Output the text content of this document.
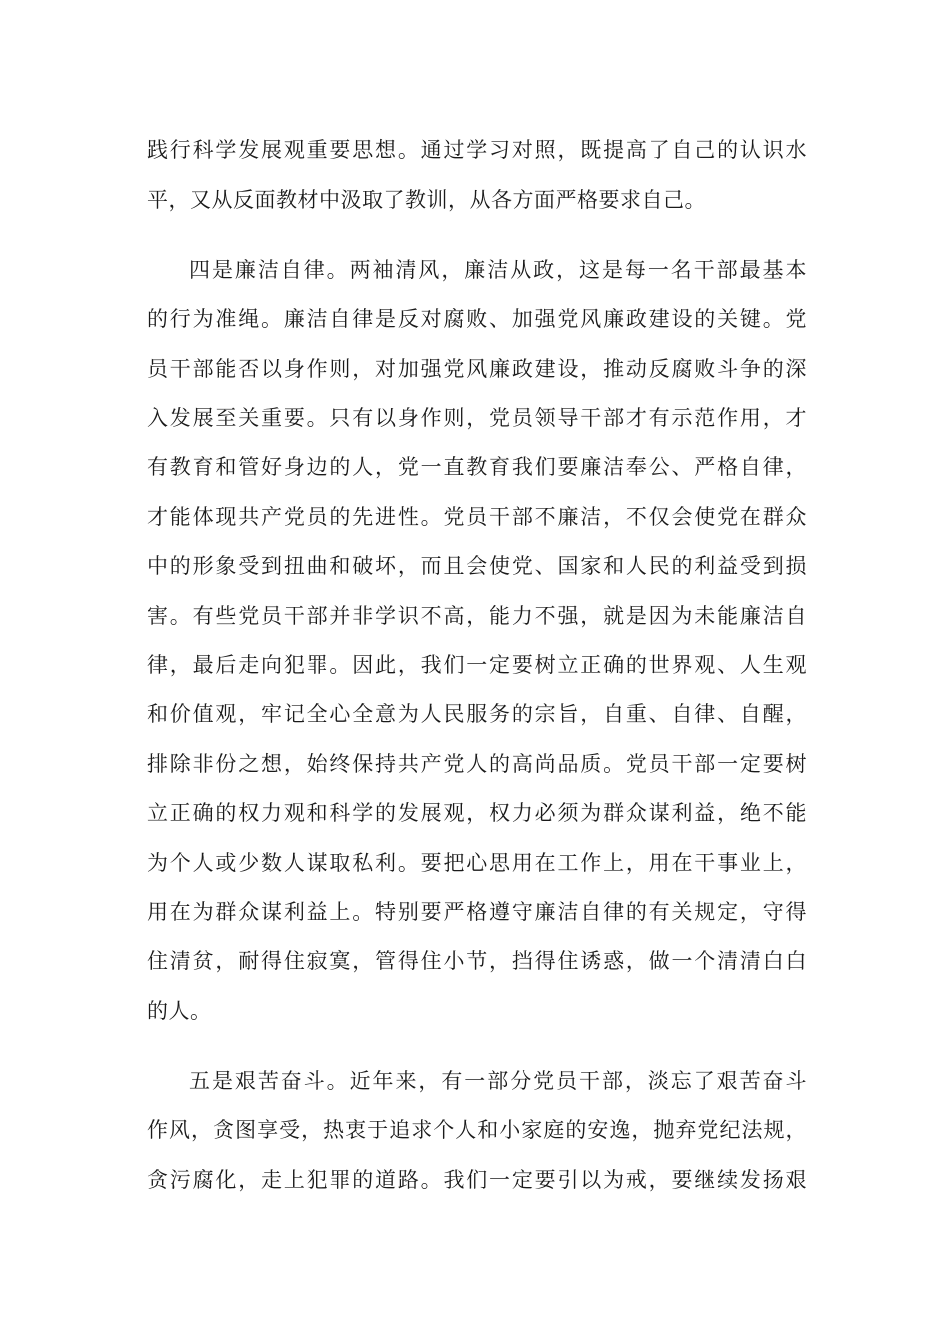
践行科学发展观重要思想。通过学习对照，既提高了自己的认识水
平，又从反面教材中汲取了教训，从各方面严格要求自己。
四是廉洁自律。两袖清风，廉洁从政，这是每一名干部最基本
的行为准绳。廉洁自律是反对腐败、加强党风廉政建设的关键。党
员干部能否以身作则，对加强党风廉政建设，推动反腐败斗争的深
入发展至关重要。只有以身作则，党员领导干部才有示范作用，才
有教育和管好身边的人，党一直教育我们要廉洁奉公、严格自律，
才能体现共产党员的先进性。党员干部不廉洁，不仅会使党在群众
中的形象受到扭曲和破坏，而且会使党、国家和人民的利益受到损
害。有些党员干部并非学识不高，能力不强，就是因为未能廉洁自
律，最后走向犯罪。因此，我们一定要树立正确的世界观、人生观
和价值观，牢记全心全意为人民服务的宗旨，自重、自律、自醒，
排除非份之想，始终保持共产党人的高尚品质。党员干部一定要树
立正确的权力观和科学的发展观，权力必须为群众谋利益，绝不能
为个人或少数人谋取私利。要把心思用在工作上，用在干事业上，
用在为群众谋利益上。特别要严格遵守廉洁自律的有关规定，守得
住清贫，耐得住寂寞，管得住小节，挡得住诱惑，做一个清清白白
的人。
五是艰苦奋斗。近年来，有一部分党员干部，淡忘了艰苦奋斗
作风，贪图享受，热衷于追求个人和小家庭的安逸，抛弃党纪法规，
贪污腐化，走上犯罪的道路。我们一定要引以为戒，要继续发扬艰
